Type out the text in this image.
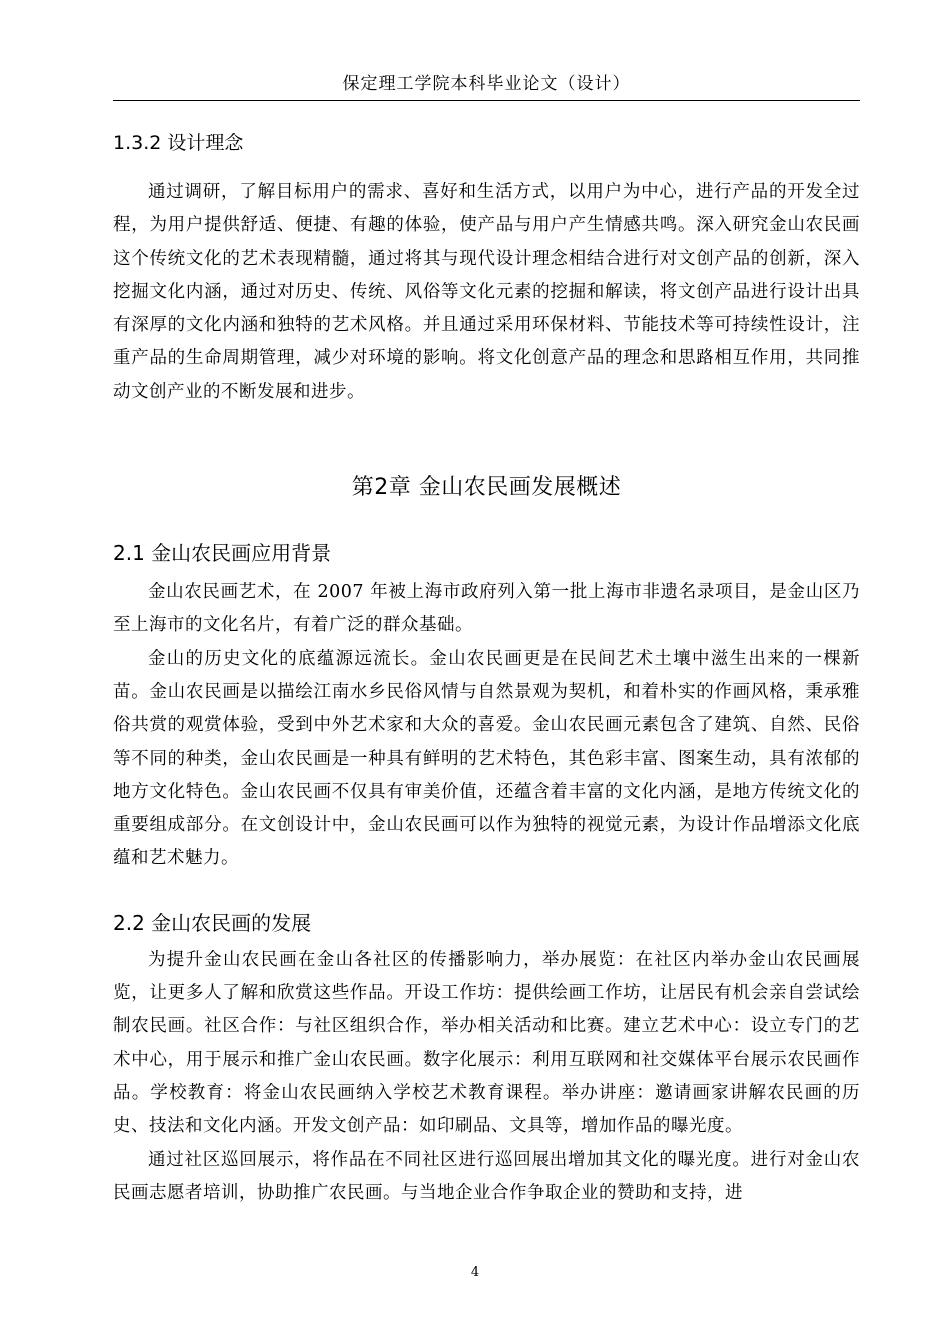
保定理工学院本科毕业论文（设计）
1.3.2 设计理念

通过调研，了解目标用户的需求、喜好和生活方式，以用户为中心，进行产品的开发全过程，为用户提供舒适、便捷、有趣的体验，使产品与用户产生情感共鸣。深入研究金山农民画这个传统文化的艺术表现精髓，通过将其与现代设计理念相结合进行对文创产品的创新，深入挖掘文化内涵，通过对历史、传统、风俗等文化元素的挖掘和解读，将文创产品进行设计出具有深厚的文化内涵和独特的艺术风格。并且通过采用环保材料、节能技术等可持续性设计，注重产品的生命周期管理，减少对环境的影响。将文化创意产品的理念和思路相互作用，共同推动文创产业的不断发展和进步。

第2章 金山农民画发展概述
2.1 金山农民画应用背景

金山农民画艺术，在 2007 年被上海市政府列入第一批上海市非遗名录项目，是金山区乃至上海市的文化名片，有着广泛的群众基础。

金山的历史文化的底蕴源远流长。金山农民画更是在民间艺术土壤中滋生出来的一棵新苗。金山农民画是以描绘江南水乡民俗风情与自然景观为契机，和着朴实的作画风格，秉承雅俗共赏的观赏体验，受到中外艺术家和大众的喜爱。金山农民画元素包含了建筑、自然、民俗等不同的种类，金山农民画是一种具有鲜明的艺术特色，其色彩丰富、图案生动，具有浓郁的地方文化特色。金山农民画不仅具有审美价值，还蕴含着丰富的文化内涵，是地方传统文化的重要组成部分。在文创设计中，金山农民画可以作为独特的视觉元素，为设计作品增添文化底蕴和艺术魅力。

2.2 金山农民画的发展

为提升金山农民画在金山各社区的传播影响力，举办展览：在社区内举办金山农民画展览，让更多人了解和欣赏这些作品。开设工作坊：提供绘画工作坊，让居民有机会亲自尝试绘制农民画。社区合作：与社区组织合作，举办相关活动和比赛。建立艺术中心：设立专门的艺术中心，用于展示和推广金山农民画。数字化展示：利用互联网和社交媒体平台展示农民画作品。学校教育：将金山农民画纳入学校艺术教育课程。举办讲座：邀请画家讲解农民画的历史、技法和文化内涵。开发文创产品：如印刷品、文具等，增加作品的曝光度。

通过社区巡回展示，将作品在不同社区进行巡回展出增加其文化的曝光度。进行对金山农民画志愿者培训，协助推广农民画。与当地企业合作争取企业的赞助和支持，进

4
